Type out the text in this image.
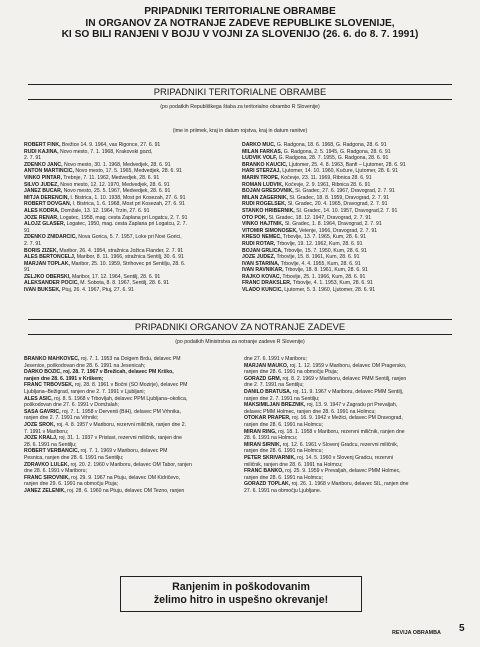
PRIPADNIKI TERITORIALNE OBRAMBE
IN ORGANOV ZA NOTRANJE ZADEVE REPUBLIKE SLOVENIJE,
KI SO BILI RANJENI V BOJU V VOJNI ZA SLOVENIJO (26. 6. do 8. 7. 1991)
PRIPADNIKI TERITORIALNE OBRAMBE
(po podatkih Republiškega štaba za teritorialno obrambo R Slovenije)
(ime in priimek, kraj in datum rojstva, kraj in datum ranitve)

ROBERT FINK, Brežice 14. 9. 1964, vas Rigonce, 27. 6. 91

RUDI KAJINA, Novo mesto, 7. 1. 1968, Krakovski gozd,

2. 7. 91

ZDENKO JANC, Novo mesto, 30. 1. 1968, Medvedjek, 28. 6. 91

ANTON MARTINČIČ, Novo mesto, 17. 5. 1965, Medvedjek, 28. 6. 91

VINKO PINTAR, Trebnje, 7. 11. 1962, Medvedjek, 28. 6. 91

SILVO JUDEŽ, Novo mesto, 12. 12. 1970, Medvedjek, 28. 6. 91

JANEZ BUČAR, Novo mesto, 25. 5. 1967, Medvedjek, 28. 6. 91

MITJA DERENČIN, I. Bistrica, 1. 10. 1938, Most pri Kosezah, 27. 6. 91

ROBERT DOVGAN, I. Bistrica, 1. 6. 1968, Most pri Kosezah, 27. 6. 91

ALEŠ KODRA, Domžale, 13. 12. 1964, Trzin, 27. 6. 91

JOŽE RENAR, Logatec, 1958, mag. cesta Zaplana pri Logatcu, 2. 7. 91

ALOJZ GLASER, Logatec, 1950, mag. cesta Zaplana pri Logatcu, 2. 7.

91

ZDENKO ŽNIDARČIČ, Nova Gorica, 5. 7. 1957, Loke pri Novi Gorici,

2. 7. 91

BORIS ŽIŽEK, Maribor, 26. 4. 1954, stražnica Jožica Flander, 2. 7. 91

ALEŠ BERTONCELJ, Maribor, 8. 11. 1966, stražnica Šentilj, 30. 6. 91

MARJAN TOPLAK, Maribor, 25. 10. 1959, Strihovec pri Šentilju, 28. 6.

91

ŽELJKO OBERŠKI, Maribor, 17. 12. 1964, Šentilj, 28. 6. 91

ALEKSANDER POČIČ, M. Sobota, 8. 8. 1967, Šentilj, 28. 6. 91

IVAN BUKŠEK, Ptuj, 26. 4. 1967, Ptuj, 27. 6. 91

DARKO MUC, G. Radgona, 18. 6. 1968, G. Radgona, 28. 6. 91

MILAN FARKAŠ, G. Radgona, 2. 5. 1945, G. Radgona, 28. 6. 91

LUDVIK VOLF, G. Radgona, 28. 7. 1955, G. Radgona, 28. 6. 91

BRANKO KAUČIČ, Ljutomer, 25. 4. 8. 1963, Banfi – Ljutomer, 28. 6. 91

HARI STERZAJ, Ljutomer, 14. 10. 1960, Kučure, Ljutomer, 28. 6. 91

MARIN TROPE, Kočevje, 23. 11. 1969, Ribnica 28. 6. 91

ROMAN LUDVIK, Kočevje, 2. 9. 1961, Ribnica 28. 6. 91

BOJAN GREŠOVNIK, Sl. Gradec, 27. 6. 1967, Dravograd, 2. 7. 91

MILAN ZAGERNIK, Sl. Gradec, 18. 8. 1959, Dravograd, 2. 7. 91

RUDI ROGELŠEK, Sl. Gradec, 20. 4. 1965, Dravograd, 2. 7. 91

STANKO HRIBERNIK, Sl. Gradec, 14. 10. 1957, Dravograd,2. 7. 91

OTO POK, Sl. Gradec, 18. 12. 1947, Dravograd, 2. 7. 91

VINKO HAJTNIK, Sl. Gradec, 1. 8. 1964, Dravograd, 2. 7. 91

VITOMIR SIMONOŠEK, Velenje, 1966, Dravograd, 2. 7. 91

KREŠO NEMEC, Trbovlje, 13. 7. 1965, Kum, 28. 6. 91

RUDI ROTAR, Trbovlje, 19. 12. 1962, Kum, 28. 6. 91

BOJAN GRLICA, Trbovlje, 15. 7. 1950, Kum, 28. 6. 91

JOŽE JUDEŽ, Trbovlje, 15. 8. 1961, Kum, 28. 6. 91

IVAN STARINA, Trbovlje, 4. 4. 1955, Kum, 28. 6. 91

IVAN RAVNIKAR, Trbovlje, 18. 8. 1961, Kum, 28. 6. 91

RAJKO KOVAČ, Trbovlje, 25. 1. 1966, Kum, 28. 6. 91

FRANC DRAKSLER, Trbovlje, 4. 1. 1953, Kum, 28. 6. 91

VLADO KUNČIČ, Ljutomer, 5. 3. 1960, Ljutomer, 28. 6. 91

PRIPADNIKI ORGANOV ZA NOTRANJE ZADEVE
(po podatkih Ministrstva za notranje zadeve R Slovenije)

BRANKO MAHKOVEC, roj. 7. 1. 1953 na Dolgem Brdu, delavec PM

Jesenice, poškodovan dne 28. 6. 1991 na Jesenicah;

DARKO BOŽIČ, roj. 28. 7. 1967 v Brežicah, delavec PM Krško,

ranjen dne 28. 6. 1991 v Krškem;

FRANC TRBOVŠEK, roj. 28. 8. 1961 v Bočni (SO Mozirje), delavec PM

Ljubljana–Bežigrad, ranjen dne 2. 7. 1991 v Ljubljani;

ALEŠ AŠIČ, roj. 8. 5. 1968 v Trbovljah, delavec PPM Ljubljana–okolica,

poškodovan dne 27. 6. 1991 v Domžalah;

SAŠA GAVRIČ, roj. 7. 1. 1958 v Derventi (BiH), delavec PM Vrhnika,

ranjen dne 2. 7. 1991 na Vrhniki;

JOŽE ŠROK, roj. 4. 8. 1957 v Mariboru, rezervni miličnik, ranjen dne 2.

7. 1991 v Mariboru;

JOŽE KRALJ, roj. 31. 1. 1937 v Pristavi, rezervni miličnik, ranjen dne

28. 6. 1991 na Šentilju;

ROBERT VERBANČIČ, roj. 7. 1. 1969 v Mariboru, delavec PM

Pesnica, ranjen dne 28. 6. 1991 na Šentilju;

ZDRAVKO LULEK, roj. 20. 2. 1960 v Mariboru, delavec OM Tabor, ranjen

dne 28. 6. 1991 v Mariboru;

FRANC ŠIROVNIK, roj. 29. 9. 1967 na Ptuju, delavec OM Kidričevo,

ranjen dne 29. 6. 1991 na območju Ptuja;

JANEZ ZELENIK, roj. 28. 6. 1960 na Ptuju, delavec OM Tezno, ranjen

dne 27. 6. 1991 v Mariboru;

MARJAN MAUKO, roj. 1. 12. 1959 v Mariboru, delavec OM Pragersko,

ranjen dne 28. 6. 1991 na območju Ptuja;

GORAZD GRM, roj. 8. 2. 1969 v Mariboru, delavec PMM Šentilj, ranjen

dne 2. 7. 1991 na Šentilju;

DANILO BRATUŠA, roj. 11. 9. 1967 v Mariboru, delavec PMM Šentilj,

ranjen dne 2. 7. 1991 na Šentilju;

MAKSIMILJAN BREZNIK, roj. 13. 9. 1947 v Zagradu pri Prevaljah,

delavec PMM Holmec, ranjen dne 28. 6. 1991 na Holmcu;

OTOKAR PRAPER, roj. 16. 9. 1942 v Mežici, delavec PM Dravograd,

ranjen dne 28. 6. 1991 na Holmcu;

MIRAN RING, roj. 18. 1. 1958 v Mariboru, rezervni miličnik, ranjen dne

28. 6. 1991 na Holmcu;

MIRAN ŠIRNIK, roj. 12. 6. 1961 v Slovenj Gradcu, rezervni miličnik,

ranjen dne 28. 6. 1991 na Holmcu;

PETER SKRIVARNIK, roj. 14. 5. 1960 v Slovenj Gradcu, rezervni

miličnik, ranjen dne 28. 6. 1991 na Holmcu;

FRANC BANKO, roj. 25. 9. 1959 v Prevaljah, delavec PMM Holmec,

ranjen dne 28. 6. 1991 na Holmcu;

GORAZD TOPLAK, roj. 26. 1. 1968 v Mariboru, delavec SIL, ranjen dne

27. 6. 1991 na območju Ljubljane.

Ranjenim in poškodovanim
želimo hitro in uspešno okrevanje!
REVIJA OBRAMBA 5
